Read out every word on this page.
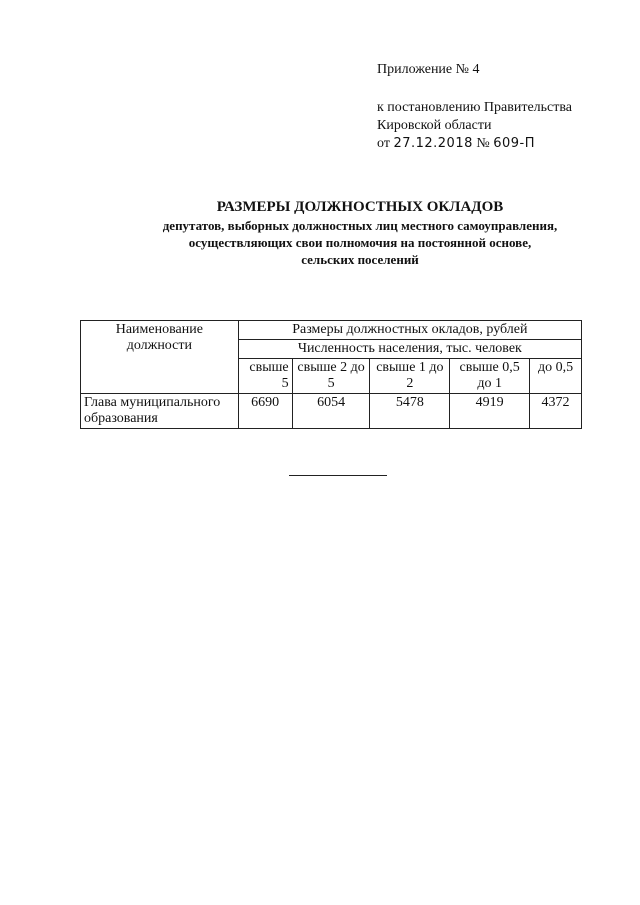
Приложение № 4
к постановлению Правительства
Кировской области
от 27.12.2018 № 609-П
РАЗМЕРЫ ДОЛЖНОСТНЫХ ОКЛАДОВ
депутатов, выборных должностных лиц местного самоуправления,
осуществляющих свои полномочия на постоянной основе,
сельских поселений
Наименование должности	Размеры должностных окладов, рублей				
	Численность населения, тыс. человек				
	свыше 5	свыше 2 до 5	свыше 1 до 2	свыше 0,5 до 1	до 0,5
Глава муниципального образования	6690	6054	5478	4919	4372
